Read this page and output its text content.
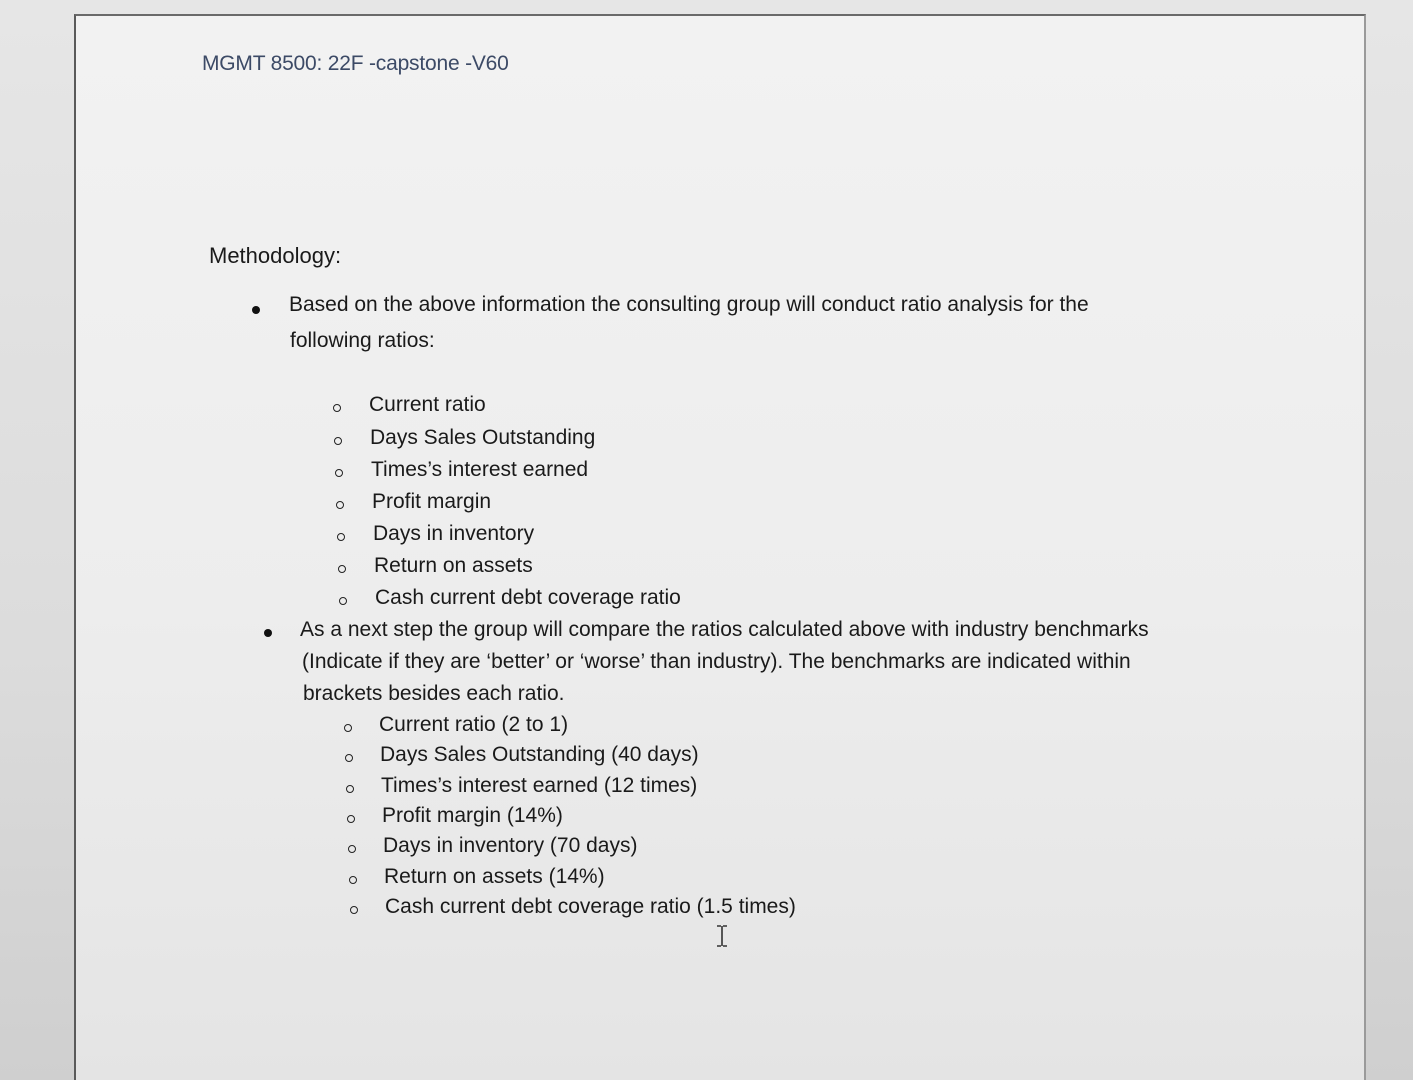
MGMT 8500: 22F -capstone -V60
Methodology:
Based on the above information the consulting group will conduct ratio analysis for the
following ratios:
Current ratio
Days Sales Outstanding
Times’s interest earned
Profit margin
Days in inventory
Return on assets
Cash current debt coverage ratio
As a next step the group will compare the ratios calculated above with industry benchmarks
(Indicate if they are ‘better’ or ‘worse’ than industry). The benchmarks are indicated within
brackets besides each ratio.
Current ratio (2 to 1)
Days Sales Outstanding (40 days)
Times’s interest earned (12 times)
Profit margin (14%)
Days in inventory (70 days)
Return on assets (14%)
Cash current debt coverage ratio (1.5 times)
